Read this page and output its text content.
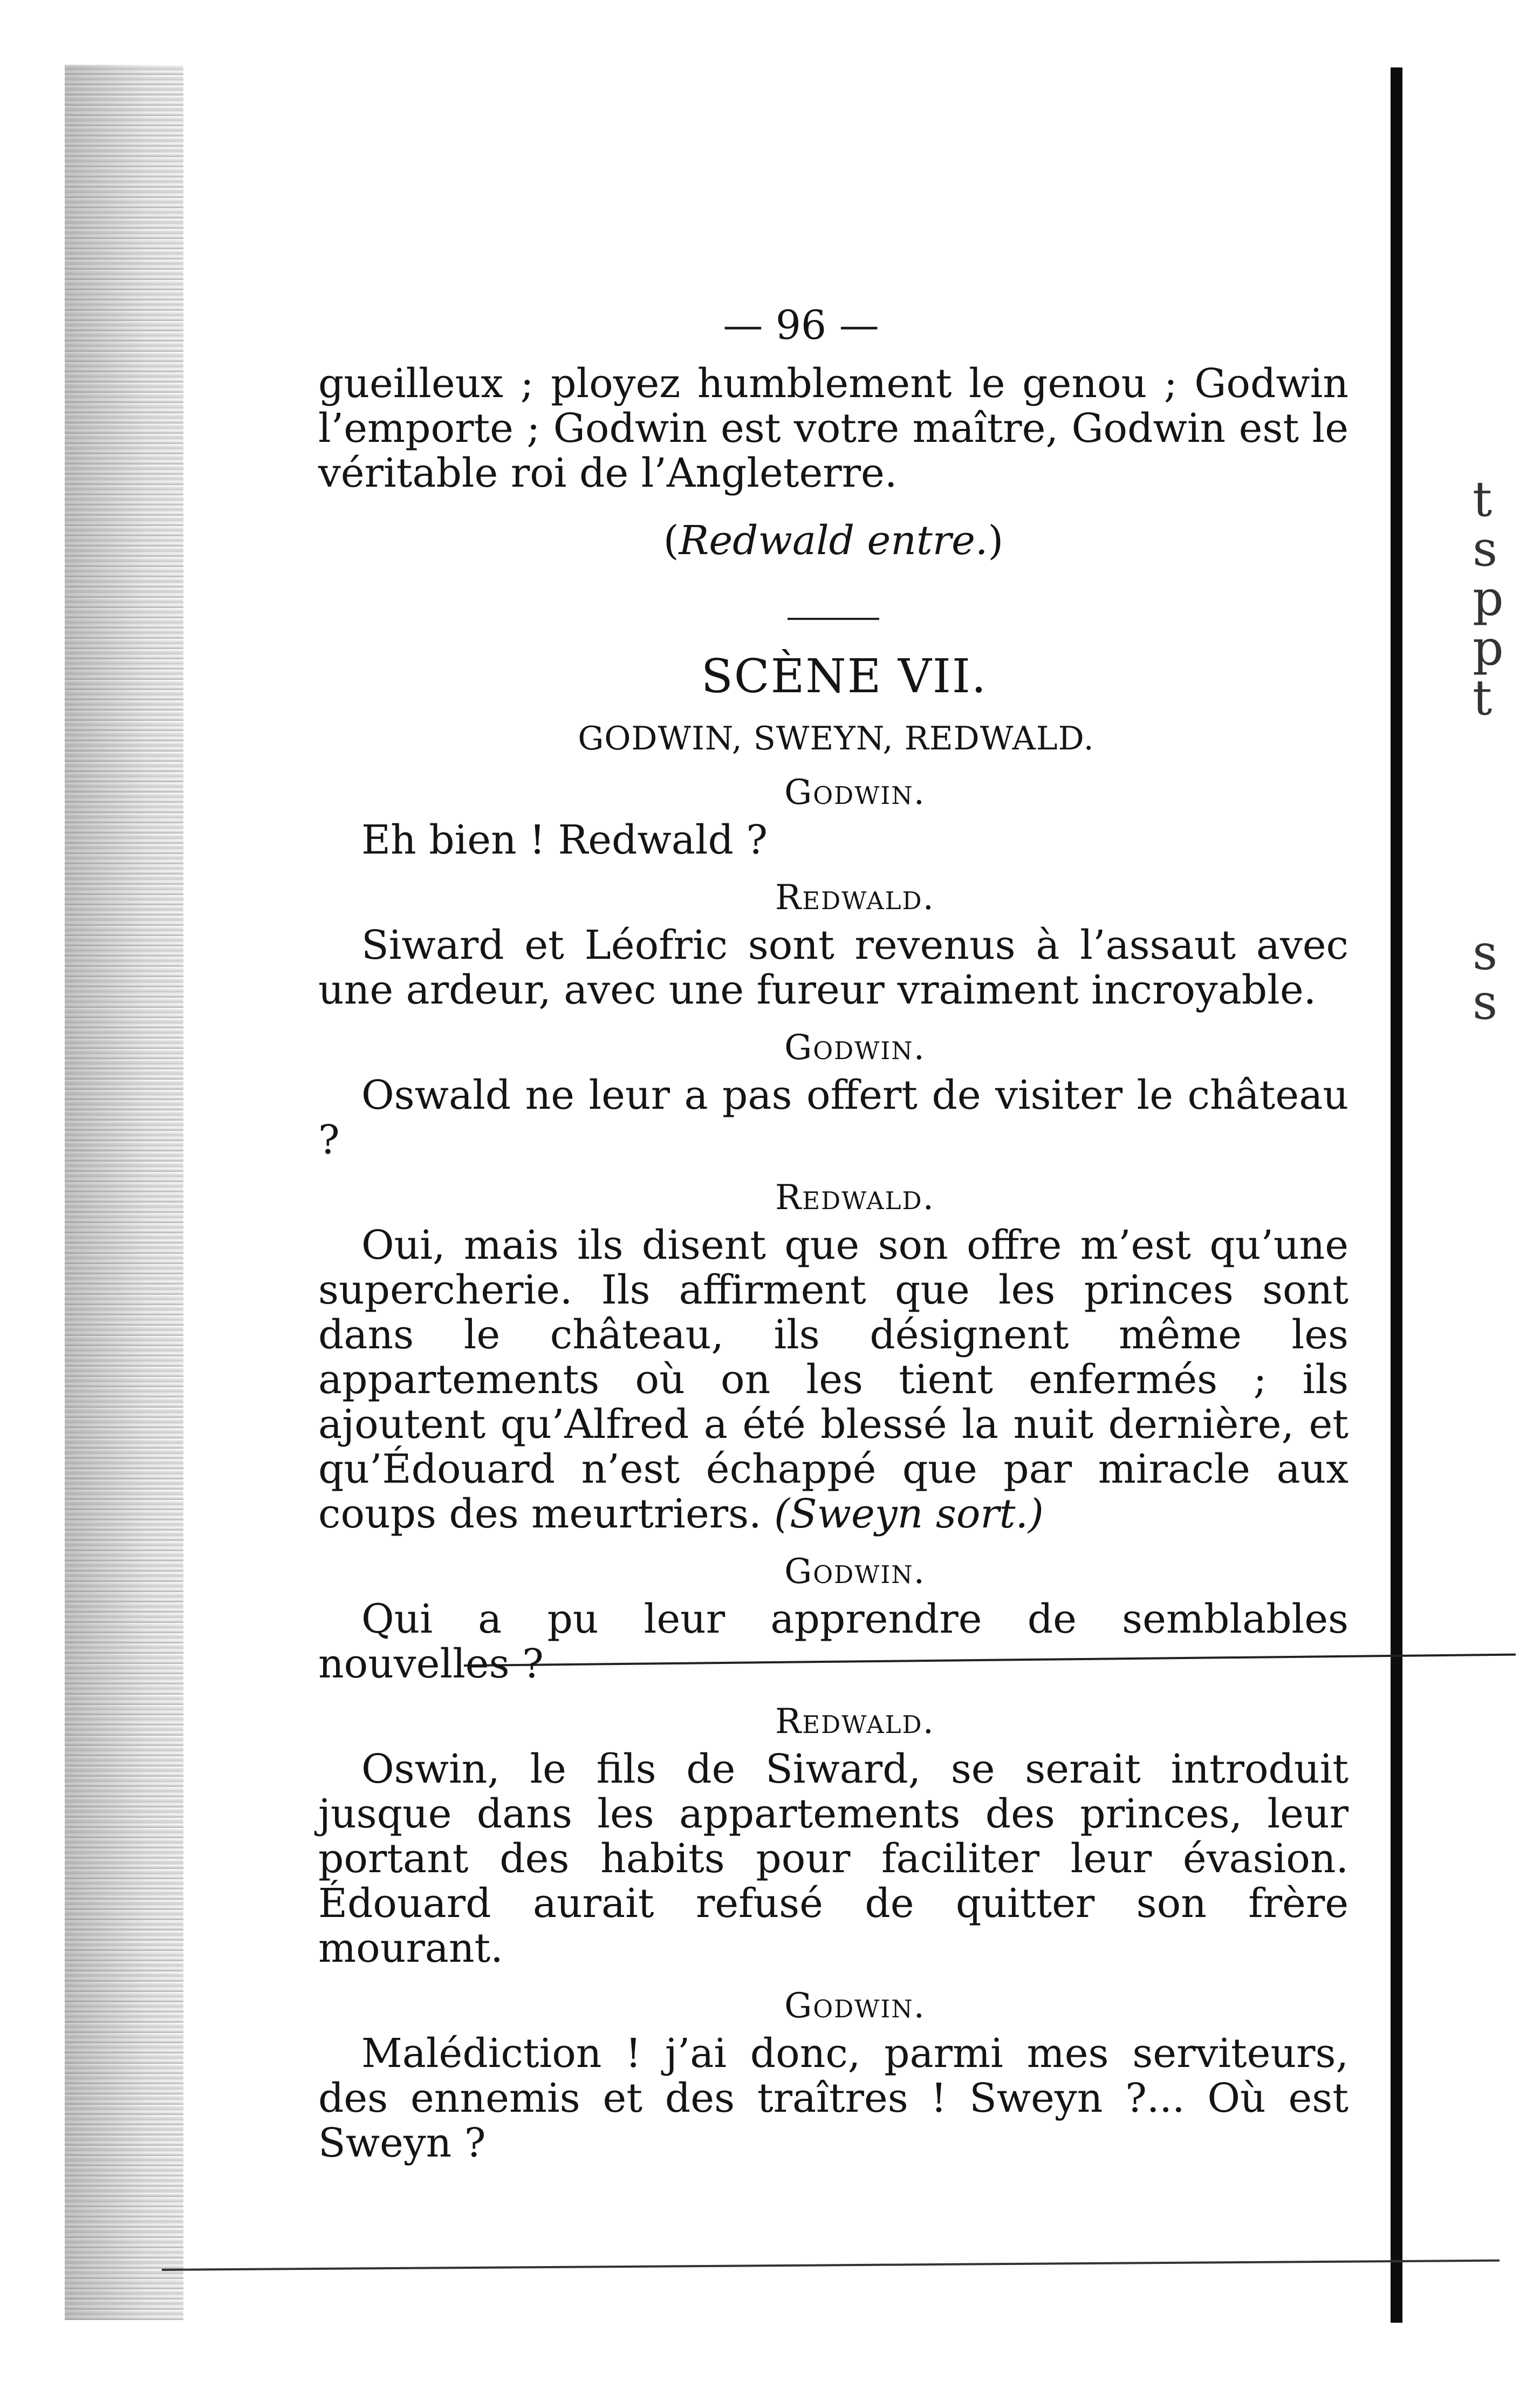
t
s
p
p
t
s
s
— 96 —

gueilleux ; ployez humblement le genou ; Godwin l’emporte ; Godwin est votre maître, Godwin est le véritable roi de l’Angleterre.

(Redwald entre.)
SCÈNE VII.
GODWIN, SWEYN, REDWALD.
Godwin.

Eh bien ! Redwald ?

Redwald.

Siward et Léofric sont revenus à l’assaut avec une ardeur, avec une fureur vraiment incroyable.

Godwin.

Oswald ne leur a pas offert de visiter le château ?

Redwald.

Oui, mais ils disent que son offre m’est qu’une supercherie. Ils affirment que les princes sont dans le château, ils désignent même les appartements où on les tient enfermés ; ils ajoutent qu’Alfred a été blessé la nuit dernière, et qu’Édouard n’est échappé que par miracle aux coups des meurtriers. (Sweyn sort.)

Godwin.

Qui a pu leur apprendre de semblables nouvelles ?

Redwald.

Oswin, le fils de Siward, se serait introduit jusque dans les appartements des princes, leur portant des habits pour faciliter leur évasion. Édouard aurait refusé de quitter son frère mourant.

Godwin.

Malédiction ! j’ai donc, parmi mes serviteurs, des ennemis et des traîtres ! Sweyn ?... Où est Sweyn ?
